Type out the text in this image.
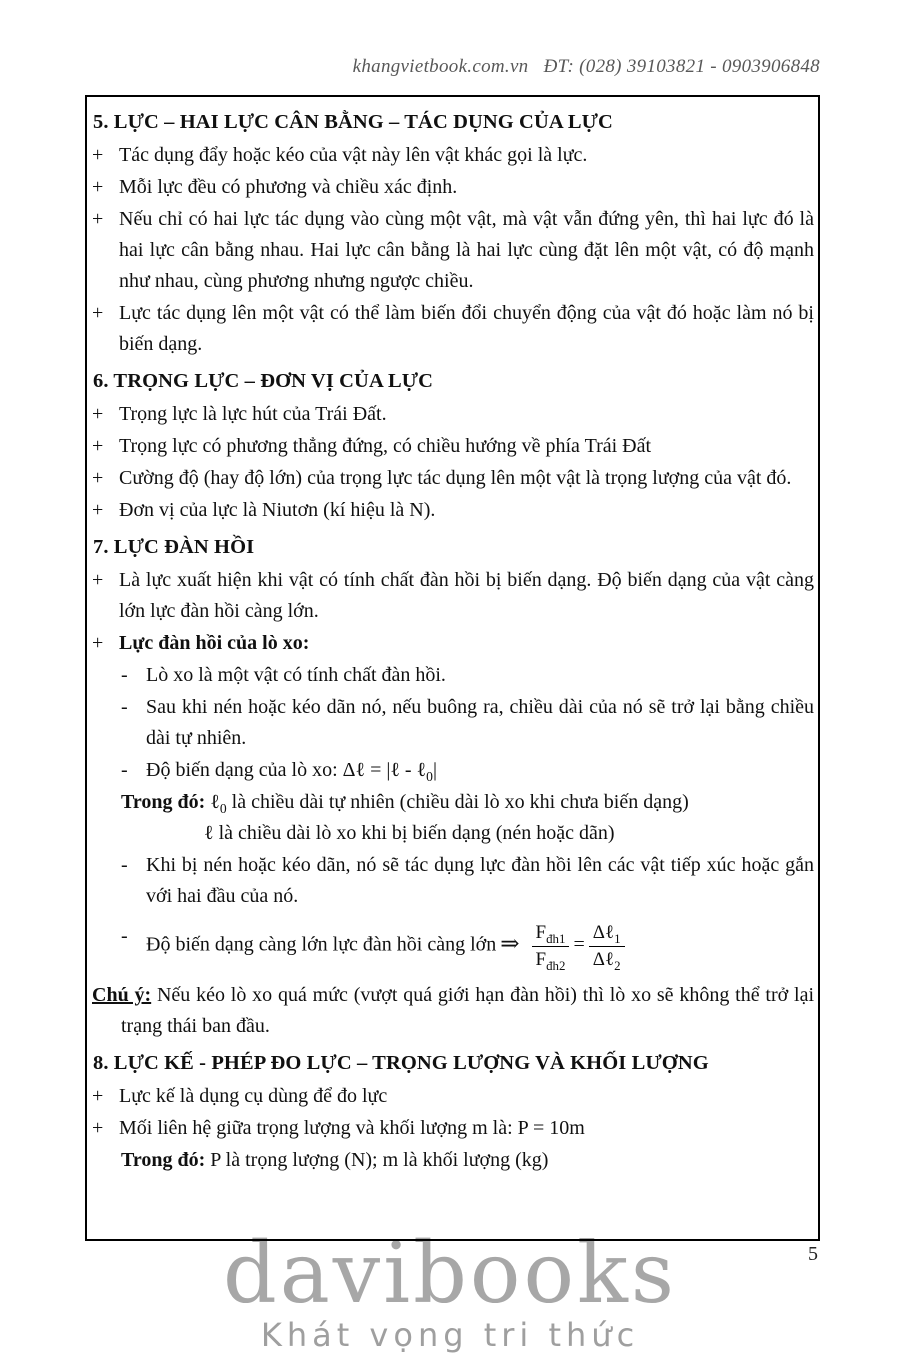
davibooks
Khát vọng tri thức
khangvietbook.com.vn   ĐT: (028) 39103821 - 0903906848
5. LỰC – HAI LỰC CÂN BẰNG – TÁC DỤNG CỦA LỰC
+ Tác dụng đẩy hoặc kéo của vật này lên vật khác gọi là lực.
+ Mỗi lực đều có phương và chiều xác định.
+ Nếu chỉ có hai lực tác dụng vào cùng một vật, mà vật vẫn đứng yên, thì hai lực đó là hai lực cân bằng nhau. Hai lực cân bằng là hai lực cùng đặt lên một vật, có độ mạnh như nhau, cùng phương nhưng ngược chiều.
+ Lực tác dụng lên một vật có thể làm biến đổi chuyển động của vật đó hoặc làm nó bị biến dạng.
6. TRỌNG LỰC – ĐƠN VỊ CỦA LỰC
+ Trọng lực là lực hút của Trái Đất.
+ Trọng lực có phương thẳng đứng, có chiều hướng về phía Trái Đất
+ Cường độ (hay độ lớn) của trọng lực tác dụng lên một vật là trọng lượng của vật đó.
+ Đơn vị của lực là Niutơn (kí hiệu là N).
7. LỰC ĐÀN HỒI
+ Là lực xuất hiện khi vật có tính chất đàn hồi bị biến dạng. Độ biến dạng của vật càng lớn lực đàn hồi càng lớn.
+ Lực đàn hồi của lò xo:
- Lò xo là một vật có tính chất đàn hồi.
- Sau khi nén hoặc kéo dãn nó, nếu buông ra, chiều dài của nó sẽ trở lại bằng chiều dài tự nhiên.
- Độ biến dạng của lò xo: Δℓ = |ℓ - ℓ$_0$|
Trong đó: ℓ$_0$ là chiều dài tự nhiên (chiều dài lò xo khi chưa biến dạng)
ℓ là chiều dài lò xo khi bị biến dạng (nén hoặc dãn)
- Khi bị nén hoặc kéo dãn, nó sẽ tác dụng lực đàn hồi lên các vật tiếp xúc hoặc gắn với hai đầu của nó.
- Độ biến dạng càng lớn lực đàn hồi càng lớn ⇒ $\frac{F_{đh1}}{F_{đh2}} = \frac{\Delta\ell_1}{\Delta\ell_2}$
Chú ý: Nếu kéo lò xo quá mức (vượt quá giới hạn đàn hồi) thì lò xo sẽ không thể trở lại trạng thái ban đầu.
8. LỰC KẾ - PHÉP ĐO LỰC – TRỌNG LƯỢNG VÀ KHỐI LƯỢNG
+ Lực kế là dụng cụ dùng để đo lực
+ Mối liên hệ giữa trọng lượng và khối lượng m là: P = 10m
Trong đó: P là trọng lượng (N); m là khối lượng (kg)
5
